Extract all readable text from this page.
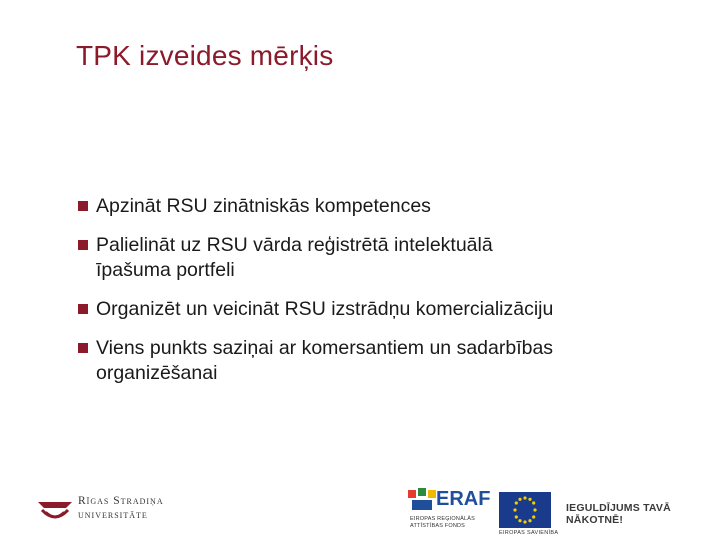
TPK izveides mērķis
Apzināt RSU zinātniskās kompetences
Palielināt uz RSU vārda reģistrētā intelektuālā
īpašuma portfeli
Organizēt un veicināt RSU izstrādņu komercializāciju
Viens punkts saziņai ar komersantiem un sadarbības
organizēšanai
Rīgas Stradiņa
universitāte
ERAF
EIROPAS REĢIONĀLĀS
ATTĪSTĪBAS FONDS
EIROPAS SAVIENĪBA
IEGULDĪJUMS TAVĀ NĀKOTNĒ!
